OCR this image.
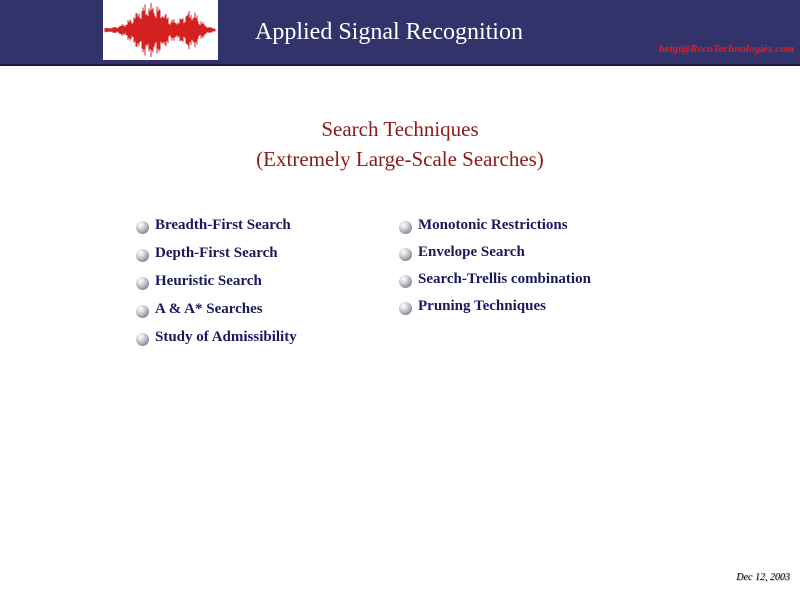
Applied Signal Recognition
beigi@RecoTechnologies.com
Search Techniques
(Extremely Large-Scale Searches)
Breadth-First Search
Depth-First Search
Heuristic Search
A & A* Searches
Study of Admissibility
Monotonic Restrictions
Envelope Search
Search-Trellis combination
Pruning Techniques
Dec 12, 2003
